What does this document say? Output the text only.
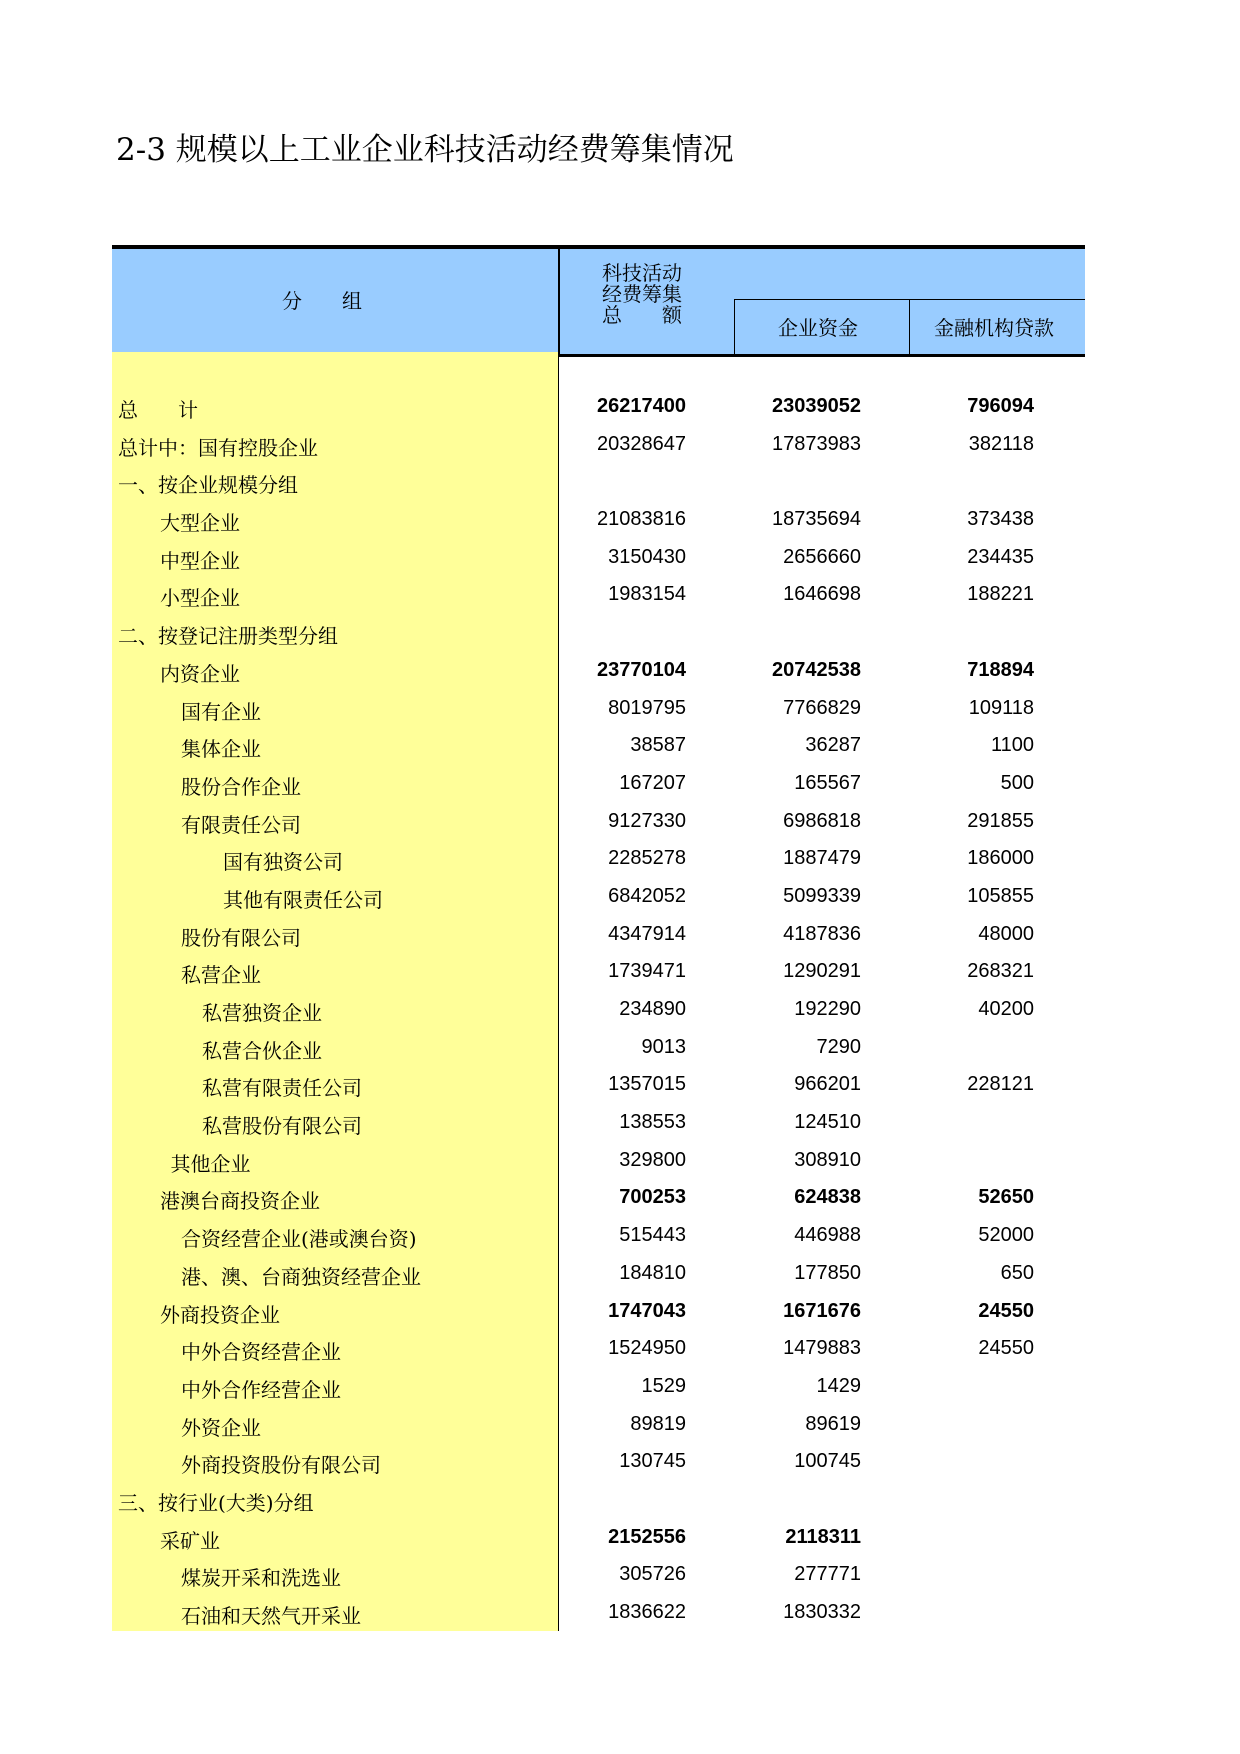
2-3 规模以上工业企业科技活动经费筹集情况
分　　组
科技活动
经费筹集
总　　额
企业资金	金融机构贷款
总　　计	26217400	23039052	796094
总计中：国有控股企业	20328647	17873983	382118
一、按企业规模分组
大型企业	21083816	18735694	373438
中型企业	3150430	2656660	234435
小型企业	1983154	1646698	188221
二、按登记注册类型分组
内资企业	23770104	20742538	718894
国有企业	8019795	7766829	109118
集体企业	38587	36287	1100
股份合作企业	167207	165567	500
有限责任公司	9127330	6986818	291855
国有独资公司	2285278	1887479	186000
其他有限责任公司	6842052	5099339	105855
股份有限公司	4347914	4187836	48000
私营企业	1739471	1290291	268321
私营独资企业	234890	192290	40200
私营合伙企业	9013	7290
私营有限责任公司	1357015	966201	228121
私营股份有限公司	138553	124510
其他企业	329800	308910
港澳台商投资企业	700253	624838	52650
合资经营企业(港或澳台资)	515443	446988	52000
港、澳、台商独资经营企业	184810	177850	650
外商投资企业	1747043	1671676	24550
中外合资经营企业	1524950	1479883	24550
中外合作经营企业	1529	1429
外资企业	89819	89619
外商投资股份有限公司	130745	100745
三、按行业(大类)分组
采矿业	2152556	2118311
煤炭开采和洗选业	305726	277771
石油和天然气开采业	1836622	1830332
